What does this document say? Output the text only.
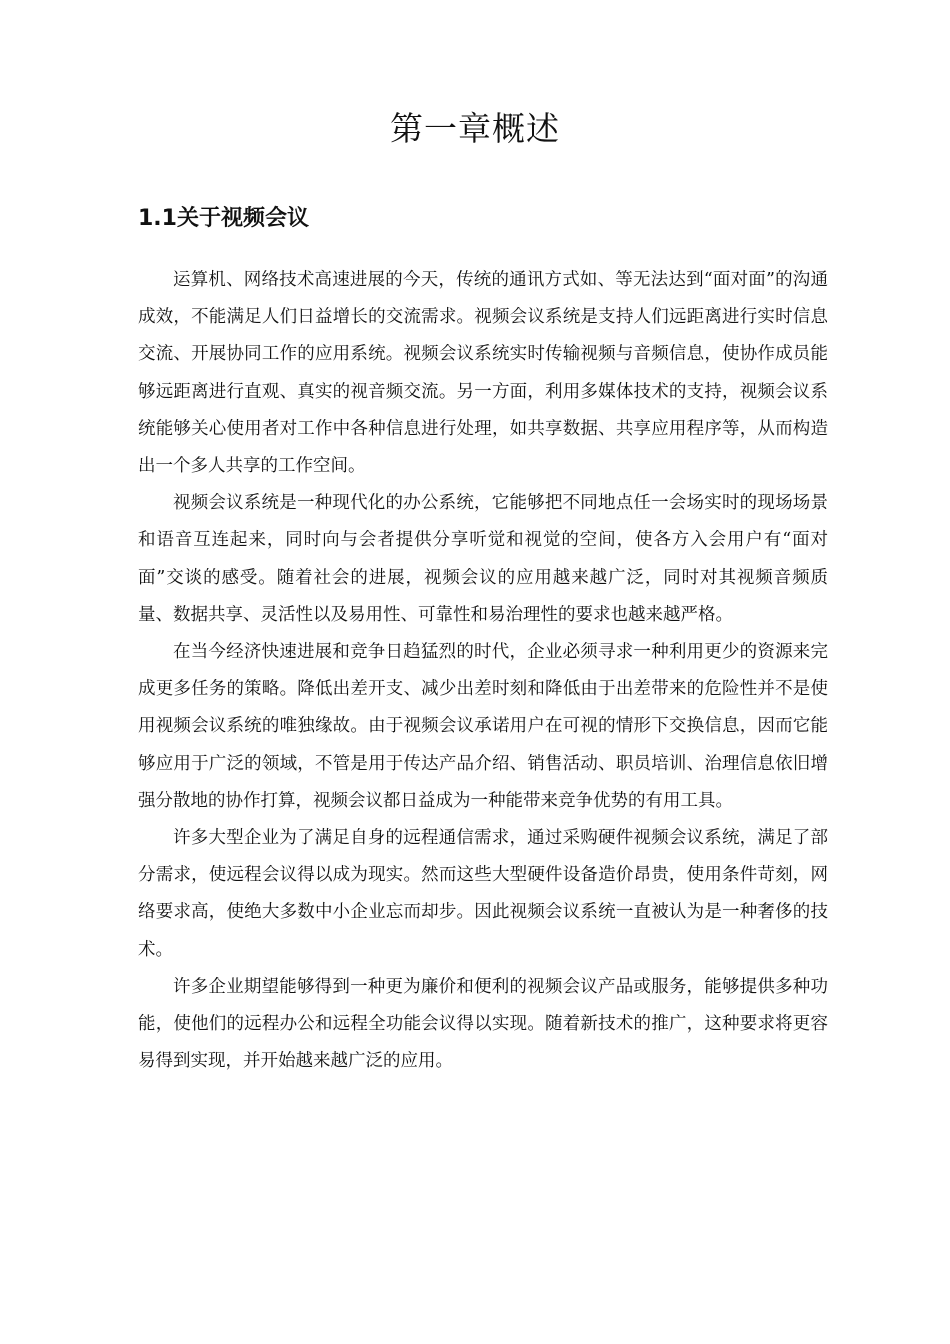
第一章概述
1.1关于视频会议

运算机、网络技术高速进展的今天，传统的通讯方式如、等无法达到“面对面”的沟通成效，不能满足人们日益增长的交流需求。视频会议系统是支持人们远距离进行实时信息交流、开展协同工作的应用系统。视频会议系统实时传输视频与音频信息，使协作成员能够远距离进行直观、真实的视音频交流。另一方面，利用多媒体技术的支持，视频会议系统能够关心使用者对工作中各种信息进行处理，如共享数据、共享应用程序等，从而构造出一个多人共享的工作空间。

视频会议系统是一种现代化的办公系统，它能够把不同地点任一会场实时的现场场景和语音互连起来，同时向与会者提供分享听觉和视觉的空间，使各方入会用户有“面对面”交谈的感受。随着社会的进展，视频会议的应用越来越广泛，同时对其视频音频质量、数据共享、灵活性以及易用性、可靠性和易治理性的要求也越来越严格。

在当今经济快速进展和竞争日趋猛烈的时代，企业必须寻求一种利用更少的资源来完成更多任务的策略。降低出差开支、减少出差时刻和降低由于出差带来的危险性并不是使用视频会议系统的唯独缘故。由于视频会议承诺用户在可视的情形下交换信息，因而它能够应用于广泛的领域，不管是用于传达产品介绍、销售活动、职员培训、治理信息依旧增强分散地的协作打算，视频会议都日益成为一种能带来竞争优势的有用工具。

许多大型企业为了满足自身的远程通信需求，通过采购硬件视频会议系统，满足了部分需求，使远程会议得以成为现实。然而这些大型硬件设备造价昂贵，使用条件苛刻，网络要求高，使绝大多数中小企业忘而却步。因此视频会议系统一直被认为是一种奢侈的技术。

许多企业期望能够得到一种更为廉价和便利的视频会议产品或服务，能够提供多种功能，使他们的远程办公和远程全功能会议得以实现。随着新技术的推广，这种要求将更容易得到实现，并开始越来越广泛的应用。
